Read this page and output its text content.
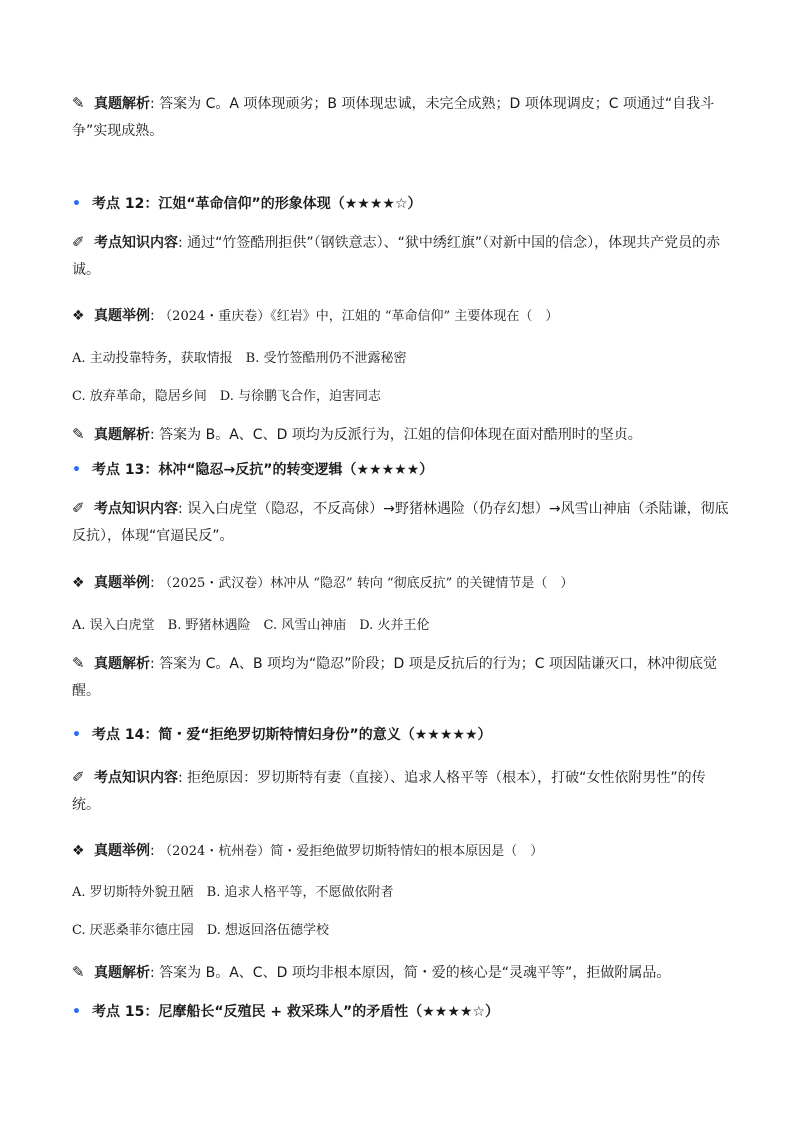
✎ 真题解析: 答案为 C。A 项体现顽劣；B 项体现忠诚，未完全成熟；D 项体现调皮；C 项通过“自我斗争”实现成熟。

• 考点 12：江姐“革命信仰”的形象体现（★★★★☆）

✐ 考点知识内容: 通过“竹签酷刑拒供”（钢铁意志）、“狱中绣红旗”（对新中国的信念），体现共产党员的赤诚。

❖ 真题举例: （2024・重庆卷）《红岩》中，江姐的 “革命信仰” 主要体现在（　）
A. 主动投靠特务，获取情报　B. 受竹签酷刑仍不泄露秘密
C. 放弃革命，隐居乡间　D. 与徐鹏飞合作，迫害同志

✎ 真题解析: 答案为 B。A、C、D 项均为反派行为，江姐的信仰体现在面对酷刑时的坚贞。

• 考点 13：林冲“隐忍→反抗”的转变逻辑（★★★★★）

✐ 考点知识内容: 误入白虎堂（隐忍，不反高俅）→野猪林遇险（仍存幻想）→风雪山神庙（杀陆谦，彻底反抗），体现“官逼民反”。

❖ 真题举例: （2025・武汉卷）林冲从 “隐忍” 转向 “彻底反抗” 的关键情节是（　）
A. 误入白虎堂　B. 野猪林遇险　C. 风雪山神庙　D. 火并王伦

✎ 真题解析: 答案为 C。A、B 项均为“隐忍”阶段；D 项是反抗后的行为；C 项因陆谦灭口，林冲彻底觉醒。

• 考点 14：简・爱“拒绝罗切斯特情妇身份”的意义（★★★★★）

✐ 考点知识内容: 拒绝原因：罗切斯特有妻（直接）、追求人格平等（根本），打破“女性依附男性”的传统。

❖ 真题举例: （2024・杭州卷）简・爱拒绝做罗切斯特情妇的根本原因是（　）
A. 罗切斯特外貌丑陋　B. 追求人格平等，不愿做依附者
C. 厌恶桑菲尔德庄园　D. 想返回洛伍德学校

✎ 真题解析: 答案为 B。A、C、D 项均非根本原因，简・爱的核心是“灵魂平等”，拒做附属品。

• 考点 15：尼摩船长“反殖民 + 救采珠人”的矛盾性（★★★★☆）
